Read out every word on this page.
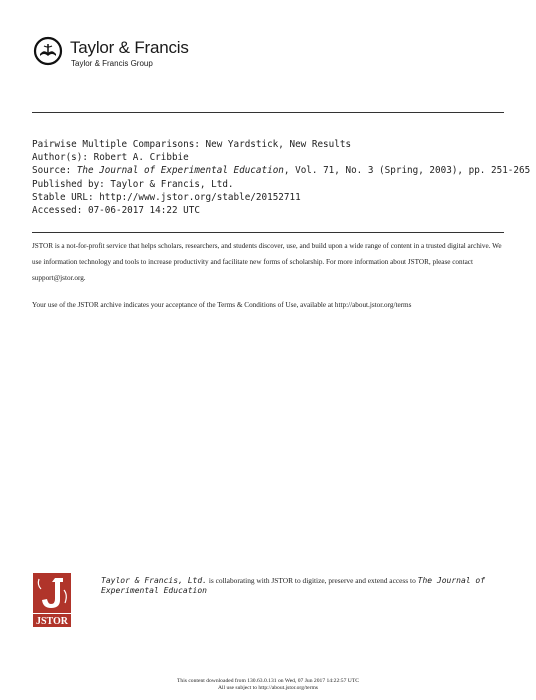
Taylor & Francis
Taylor & Francis Group
Pairwise Multiple Comparisons: New Yardstick, New Results
Author(s): Robert A. Cribbie
Source: The Journal of Experimental Education, Vol. 71, No. 3 (Spring, 2003), pp. 251-265
Published by: Taylor & Francis, Ltd.
Stable URL: http://www.jstor.org/stable/20152711
Accessed: 07-06-2017 14:22 UTC

JSTOR is a not-for-profit service that helps scholars, researchers, and students discover, use, and build upon a wide range of content in a trusted digital archive. We use information technology and tools to increase productivity and facilitate new forms of scholarship. For more information about JSTOR, please contact support@jstor.org.

Your use of the JSTOR archive indicates your acceptance of the Terms & Conditions of Use, available at http://about.jstor.org/terms

JSTOR
Taylor & Francis, Ltd. is collaborating with JSTOR to digitize, preserve and extend access to The Journal of Experimental Education
This content downloaded from 130.63.0.131 on Wed, 07 Jun 2017 14:22:57 UTC
All use subject to http://about.jstor.org/terms
